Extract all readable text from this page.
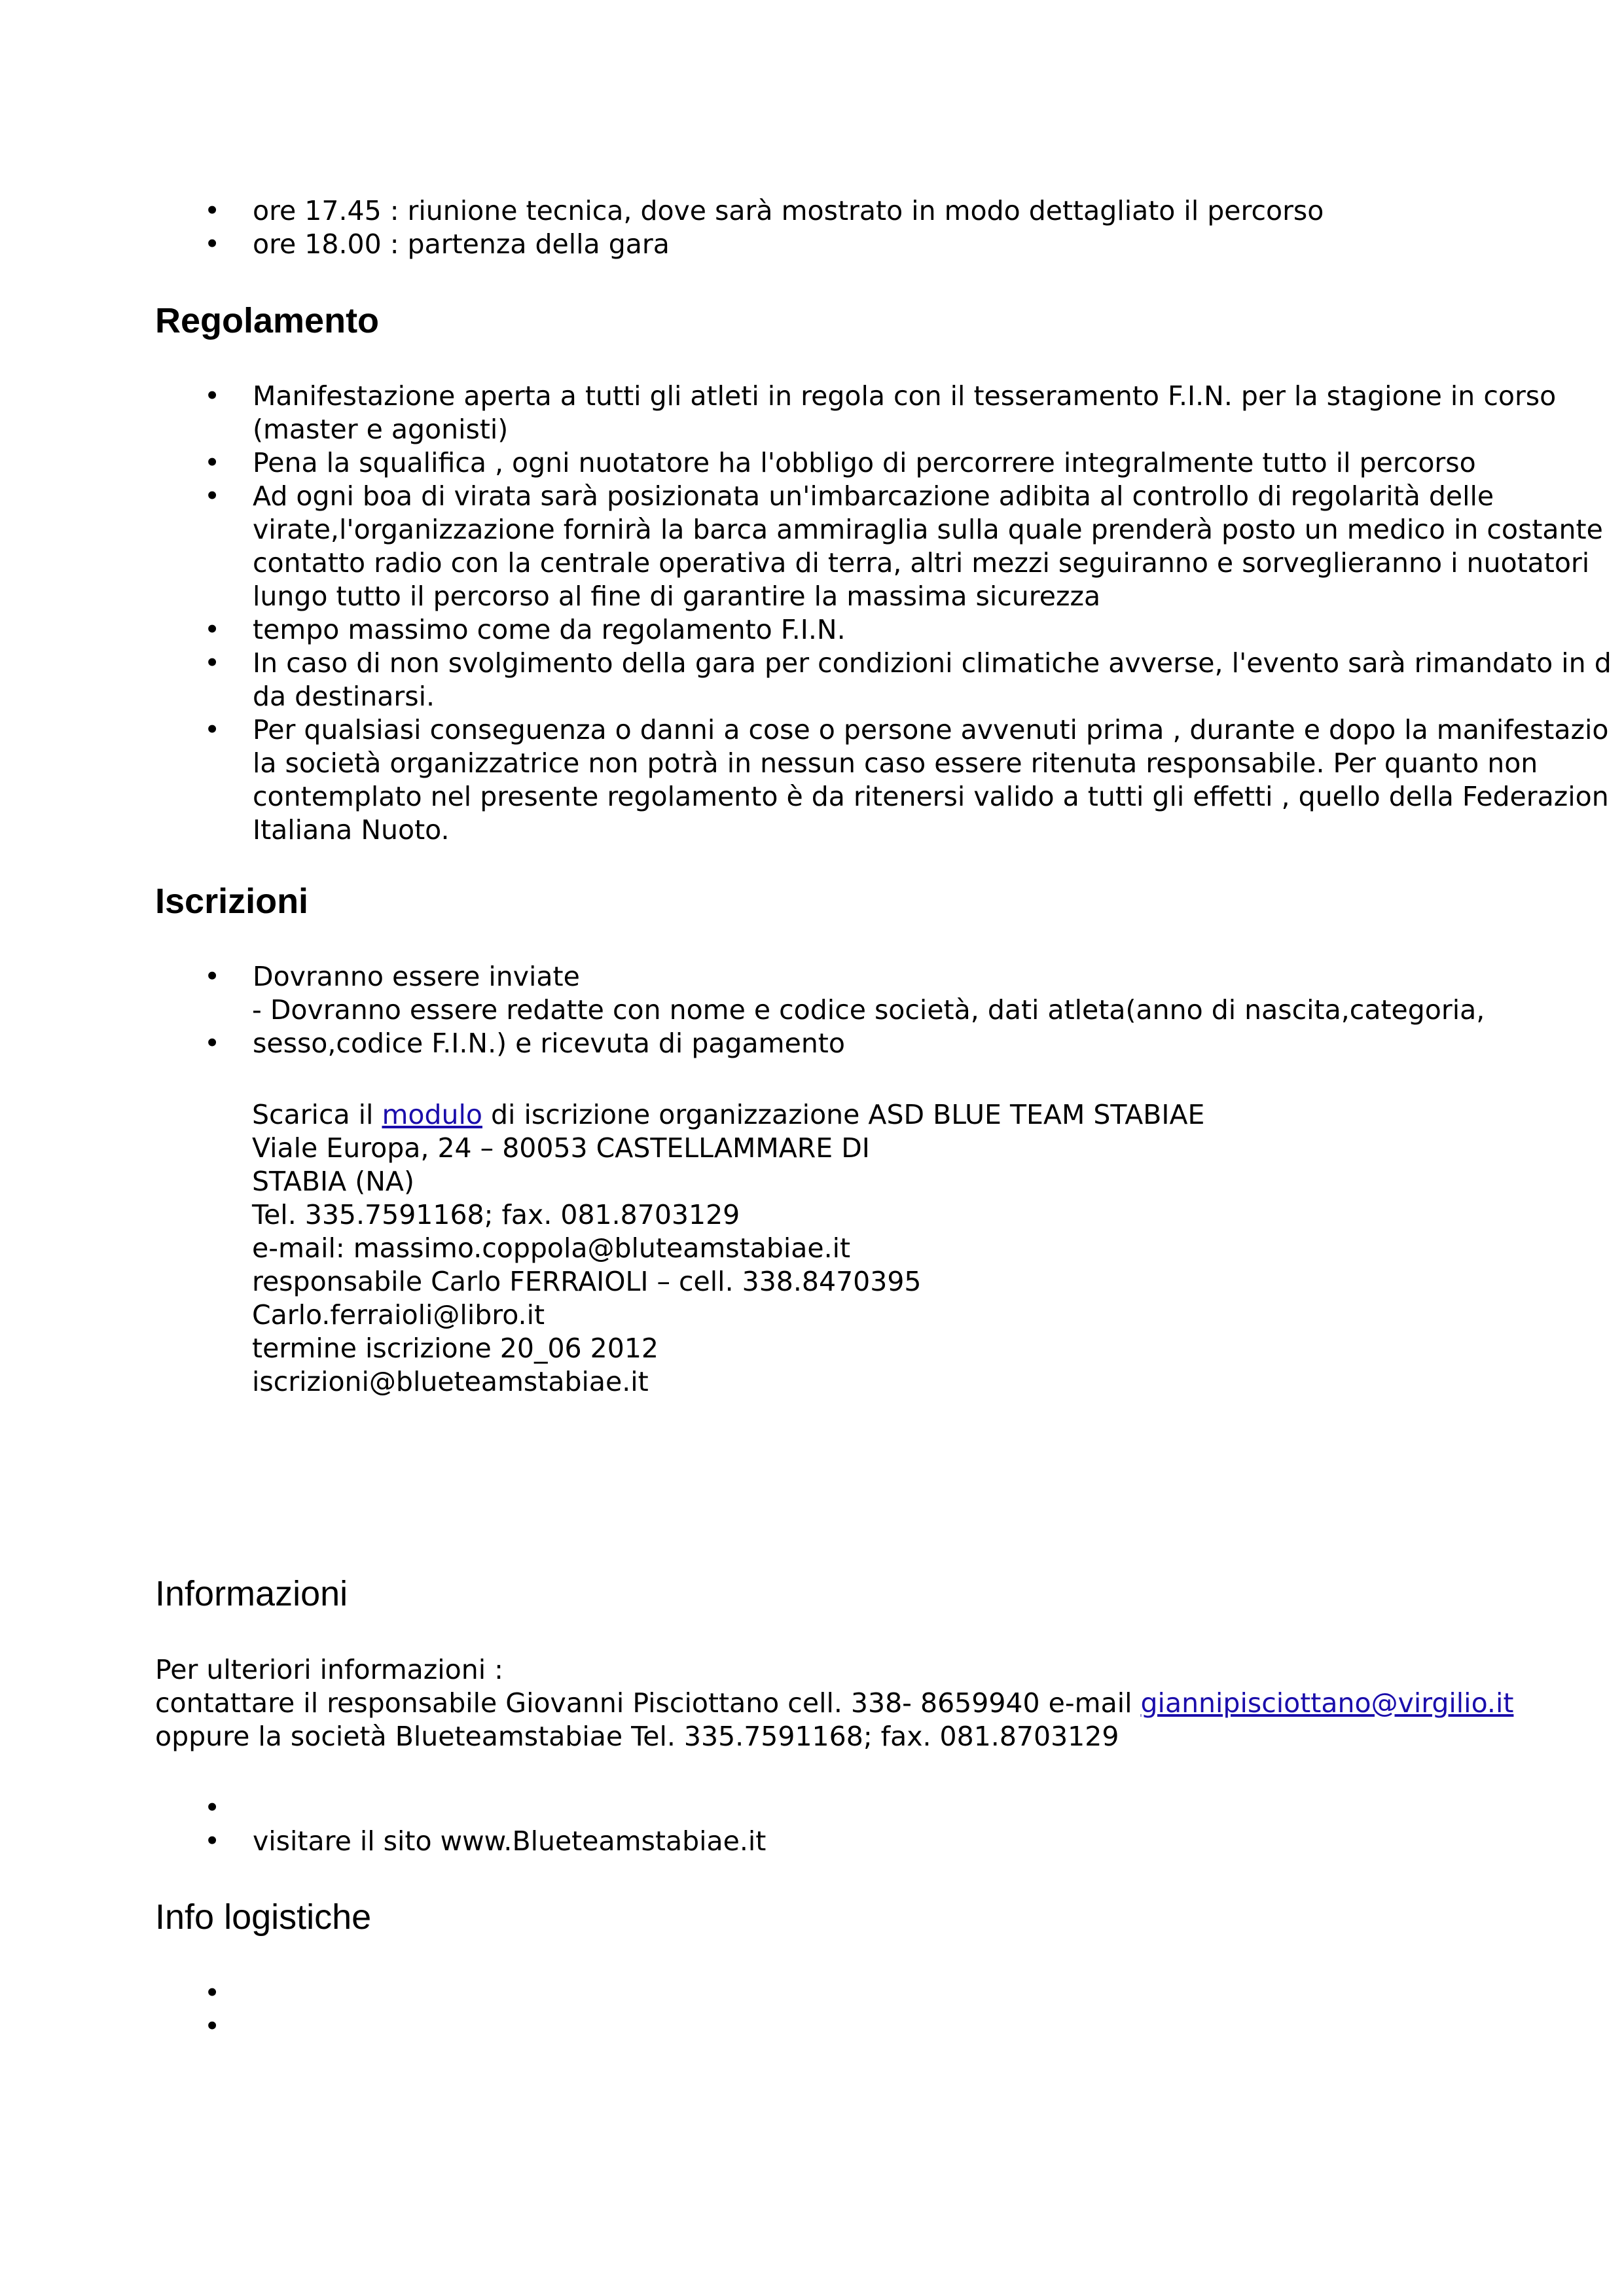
• ore 17.45 : riunione tecnica, dove sarà mostrato in modo dettagliato il percorso
• ore 18.00 : partenza della gara
Regolamento
• Manifestazione aperta a tutti gli atleti in regola con il tesseramento F.I.N. per la stagione in corso
(master e agonisti)
• Pena la squalifica , ogni nuotatore ha l'obbligo di percorrere integralmente tutto il percorso
• Ad ogni boa di virata sarà posizionata un'imbarcazione adibita al controllo di regolarità delle
virate,l'organizzazione fornirà la barca ammiraglia sulla quale prenderà posto un medico in costante
contatto radio con la centrale operativa di terra, altri mezzi seguiranno e sorveglieranno i nuotatori
lungo tutto il percorso al fine di garantire la massima sicurezza
• tempo massimo come da regolamento F.I.N.
• In caso di non svolgimento della gara per condizioni climatiche avverse, l'evento sarà rimandato in d
da destinarsi.
• Per qualsiasi conseguenza o danni a cose o persone avvenuti prima , durante e dopo la manifestazio
la società organizzatrice non potrà in nessun caso essere ritenuta responsabile. Per quanto non
contemplato nel presente regolamento è da ritenersi valido a tutti gli effetti , quello della Federazion
Italiana Nuoto.
Iscrizioni
• Dovranno essere inviate
- Dovranno essere redatte con nome e codice società, dati atleta(anno di nascita,categoria,
• sesso,codice F.I.N.) e ricevuta di pagamento
Scarica il modulo di iscrizione organizzazione ASD BLUE TEAM STABIAE
Viale Europa, 24 – 80053 CASTELLAMMARE DI
STABIA (NA)
Tel. 335.7591168; fax. 081.8703129
e-mail: massimo.coppola@bluteamstabiae.it
responsabile Carlo FERRAIOLI – cell. 338.8470395
Carlo.ferraioli@libro.it
termine iscrizione 20_06 2012
iscrizioni@blueteamstabiae.it
Informazioni
Per ulteriori informazioni :
contattare il responsabile Giovanni Pisciottano cell. 338- 8659940 e-mail giannipisciottano@virgilio.it
oppure la società Blueteamstabiae Tel. 335.7591168; fax. 081.8703129
•
• visitare il sito www.Blueteamstabiae.it
Info logistiche
•
•
